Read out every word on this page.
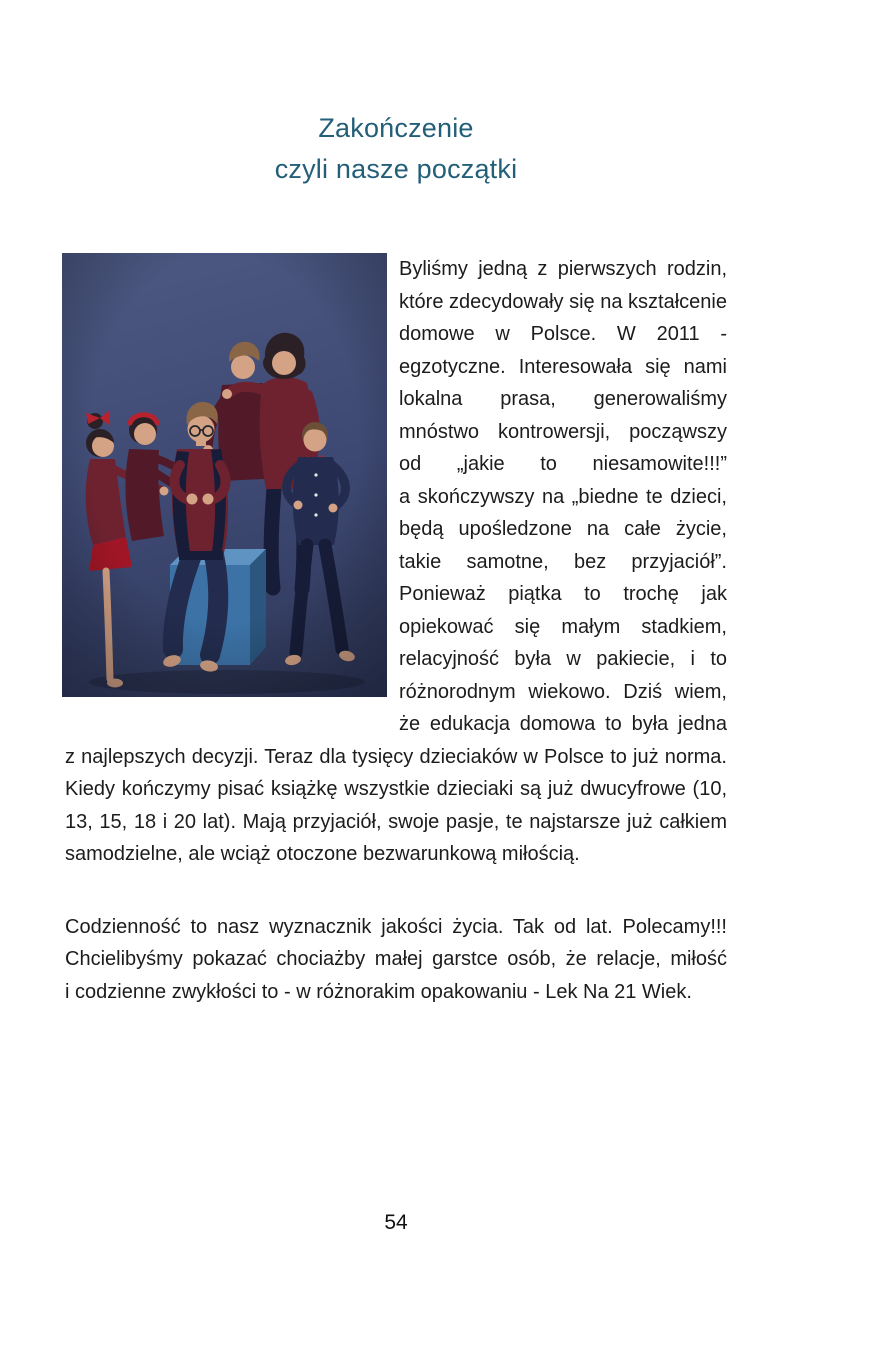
Zakończenie
czyli nasze początki

Byliśmy jedną z pierwszych rodzin, które zdecydowały się na kształcenie domowe w Polsce. W 2011 - egzotyczne. Interesowała się nami lokalna prasa, generowaliśmy mnóstwo kontrowersji, począwszy od „jakie to niesamowite!!!” a skończywszy na „biedne te dzieci, będą upośledzone na całe życie, takie samotne, bez przyjaciół”. Ponieważ piątka to trochę jak opiekować się małym stadkiem, relacyjność była w pakiecie, i to różnorodnym wiekowo. Dziś wiem, że edukacja domowa to była jedna z najlepszych decyzji. Teraz dla tysięcy dzieciaków w Polsce to już norma. Kiedy kończymy pisać książkę wszystkie dzieciaki są już dwucyfrowe (10, 13, 15, 18 i 20 lat). Mają przyjaciół, swoje pasje, te najstarsze już całkiem samodzielne, ale wciąż otoczone bezwarunkową miłością.

Codzienność to nasz wyznacznik jakości życia. Tak od lat. Polecamy!!! Chcielibyśmy pokazać chociażby małej garstce osób, że relacje, miłość i codzienne zwykłości to - w różnorakim opakowaniu - Lek Na 21 Wiek.

54
